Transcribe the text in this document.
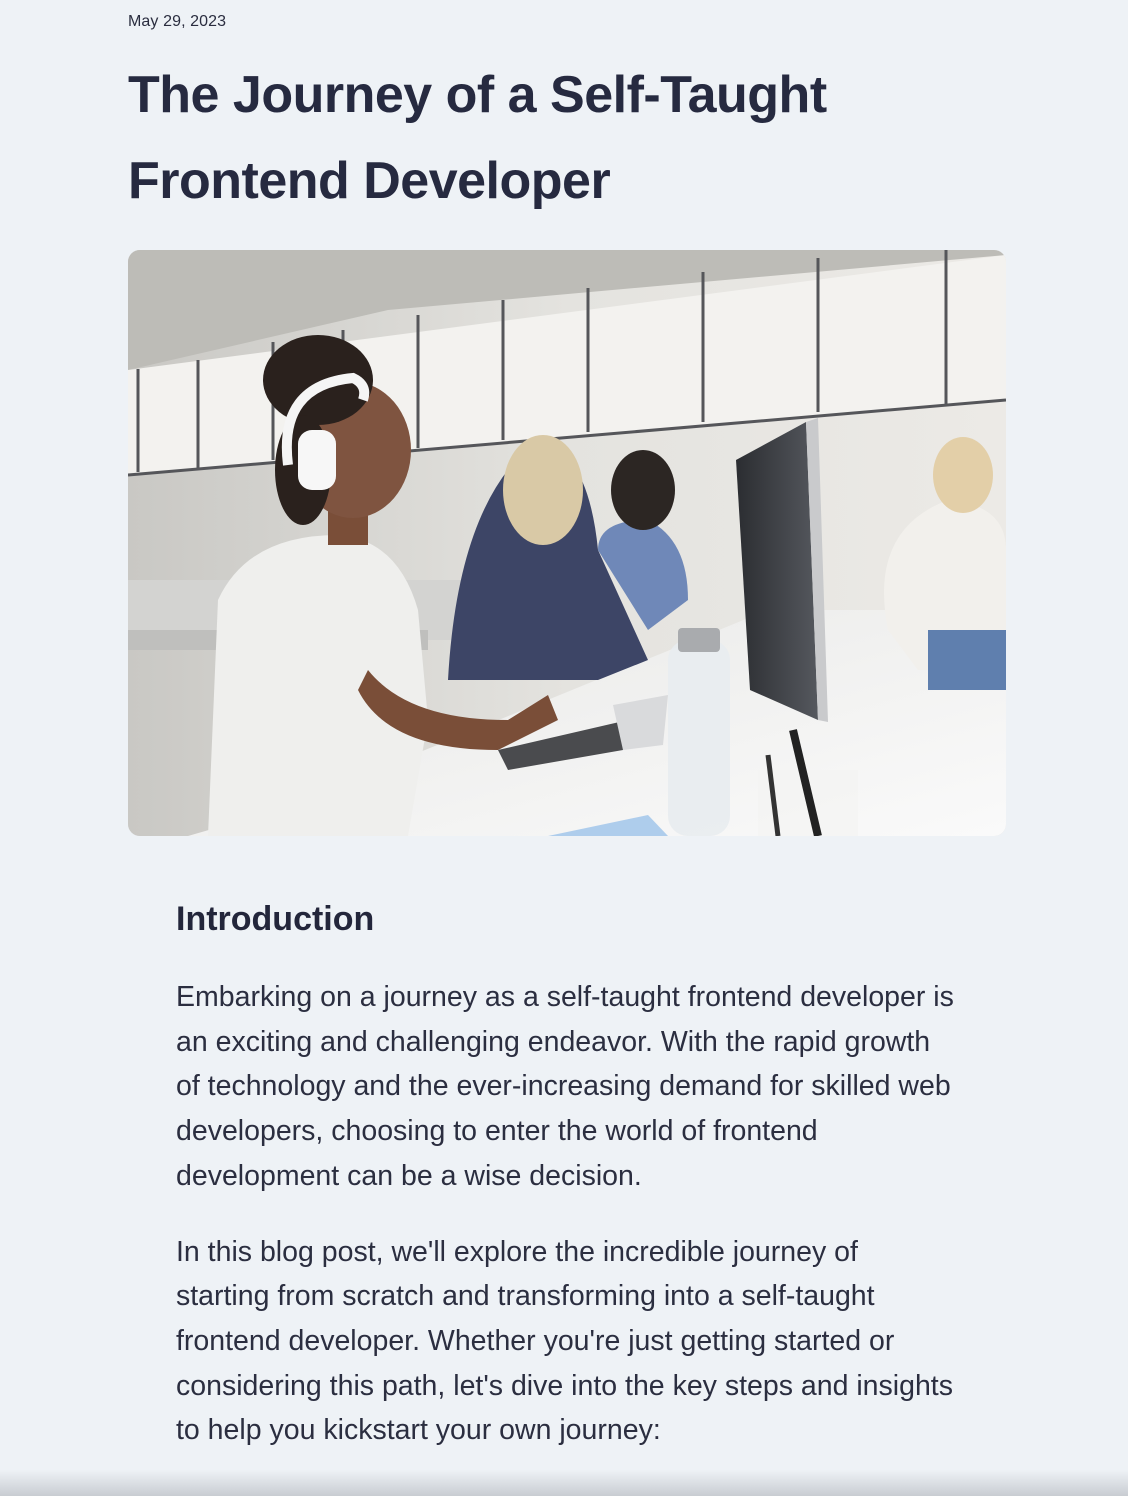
May 29, 2023
The Journey of a Self-Taught Frontend Developer
Introduction

Embarking on a journey as a self-taught frontend developer is an exciting and challenging endeavor. With the rapid growth of technology and the ever-increasing demand for skilled web developers, choosing to enter the world of frontend development can be a wise decision.

In this blog post, we'll explore the incredible journey of starting from scratch and transforming into a self-taught frontend developer. Whether you're just getting started or considering this path, let's dive into the key steps and insights to help you kickstart your own journey:
